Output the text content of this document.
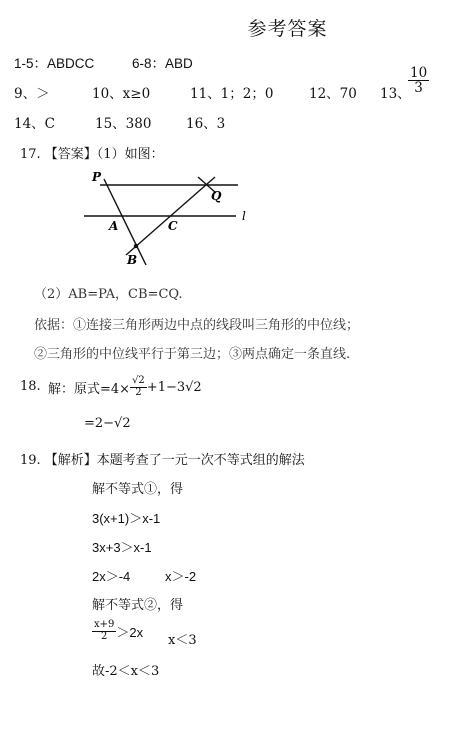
参考答案
1-5：ABDCC	6-8：ABD
9、＞	10、x≥0	11、1；2；0	12、70 13、
$\frac{10}{3}$
14、C	15、380	16、3
17. 【答案】（1）如图：
P
Q
A	C
B
l
（2）AB=PA，CB=CQ.
依据：①连接三角形两边中点的线段叫三角形的中位线；
②三角形的中位线平行于第三边；③两点确定一条直线.
18. 解：原式$=4\times \frac{√2}{2} +1-3√2$
=2−√2
19. 【解析】本题考查了一元一次不等式组的解法
解不等式①，得
3(x+1)＞x-1
3x+3＞x-1
2x＞-4	x＞-2
解不等式②，得
$\frac{x+9}{2} >2x$
x＜3
故-2＜x＜3
